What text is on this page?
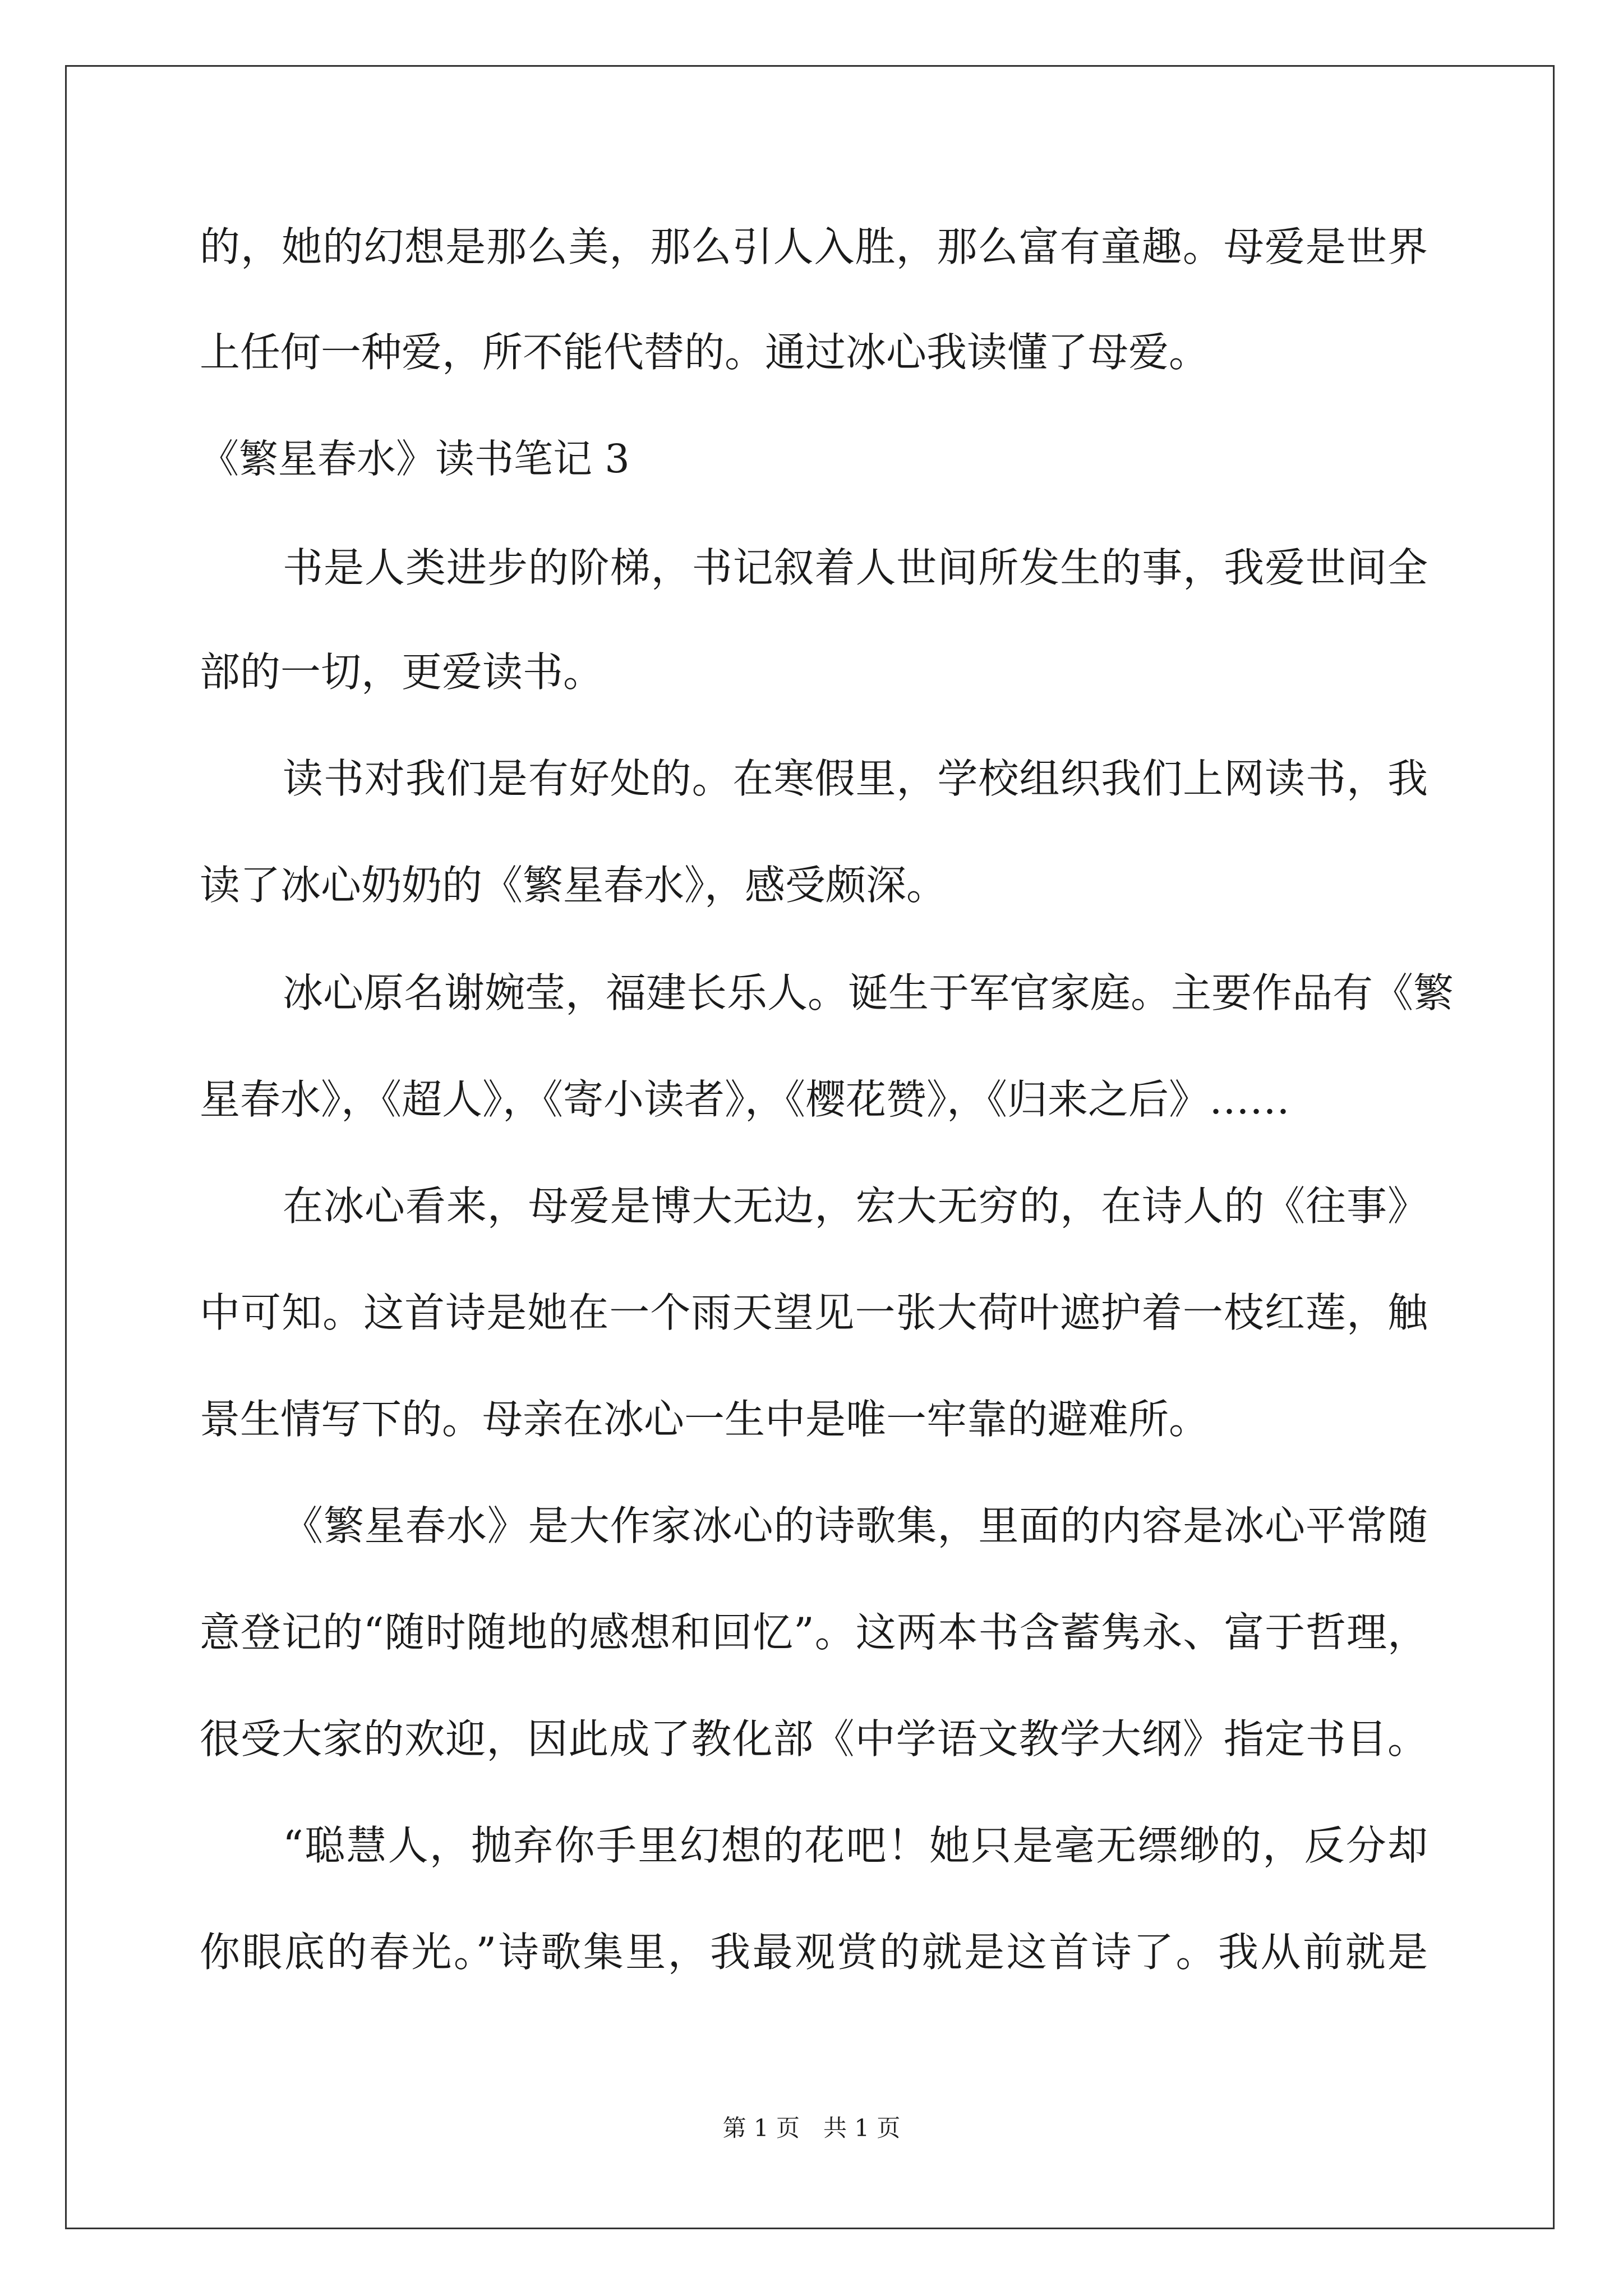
的，她的幻想是那么美，那么引人入胜，那么富有童趣。母爱是世界
上任何一种爱，所不能代替的。通过冰心我读懂了母爱。
《繁星春水》读书笔记 3
书是人类进步的阶梯，书记叙着人世间所发生的事，我爱世间全
部的一切，更爱读书。
读书对我们是有好处的。在寒假里，学校组织我们上网读书，我
读了冰心奶奶的《繁星春水》，感受颇深。
冰心原名谢婉莹，福建长乐人。诞生于军官家庭。主要作品有《繁
星春水》，《超人》，《寄小读者》，《樱花赞》，《归来之后》……
在冰心看来，母爱是博大无边，宏大无穷的，在诗人的《往事》
中可知。这首诗是她在一个雨天望见一张大荷叶遮护着一枝红莲，触
景生情写下的。母亲在冰心一生中是唯一牢靠的避难所。
《繁星春水》是大作家冰心的诗歌集，里面的内容是冰心平常随
意登记的“随时随地的感想和回忆”。这两本书含蓄隽永、富于哲理，
很受大家的欢迎，因此成了教化部《中学语文教学大纲》指定书目。
“聪慧人，抛弃你手里幻想的花吧！她只是毫无缥缈的，反分却
你眼底的春光。”诗歌集里，我最观赏的就是这首诗了。我从前就是
第 1 页　共 1 页
